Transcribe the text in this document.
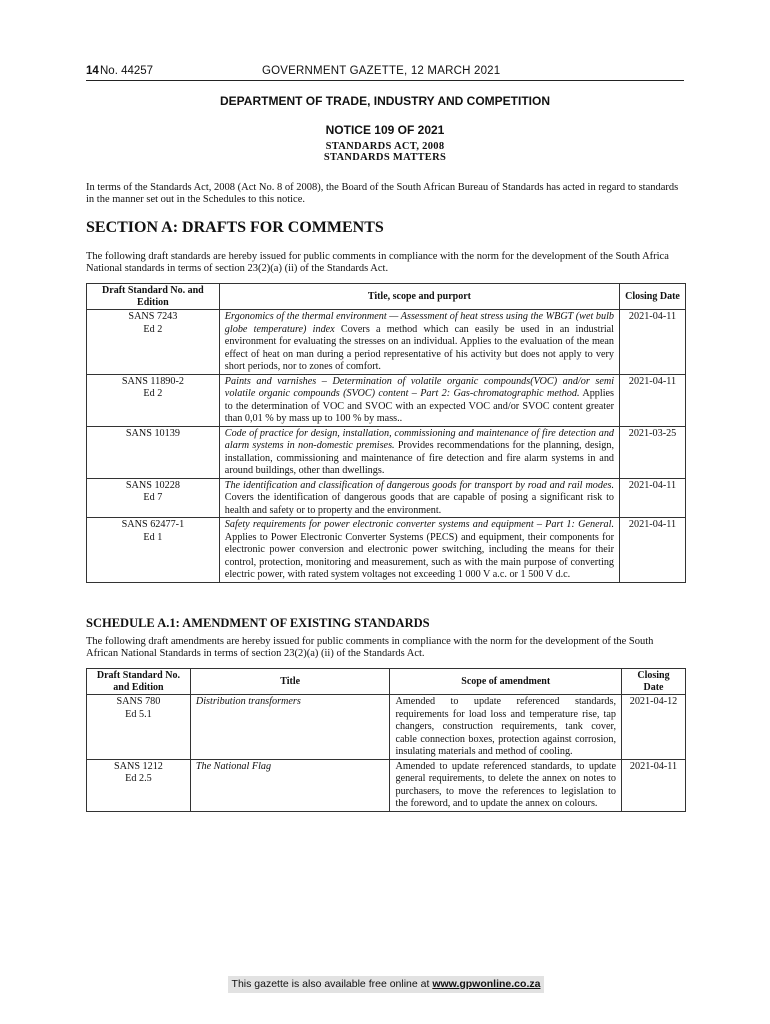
14 No. 44257	GOVERNMENT GAZETTE, 12 MARCH 2021
DEPARTMENT OF TRADE, INDUSTRY AND COMPETITION
NOTICE 109 OF 2021
STANDARDS ACT, 2008
STANDARDS MATTERS
In terms of the Standards Act, 2008 (Act No. 8 of 2008), the Board of the South African Bureau of Standards has acted in regard to standards in the manner set out in the Schedules to this notice.
SECTION A: DRAFTS FOR COMMENTS
The following draft standards are hereby issued for public comments in compliance with the norm for the development of the South Africa National standards in terms of section 23(2)(a) (ii) of the Standards Act.
Draft Standard No. and Edition	Title, scope and purport	Closing Date

SANS 7243
Ed 2	Ergonomics of the thermal environment — Assessment of heat stress using the WBGT (wet bulb globe temperature) index Covers a method which can easily be used in an industrial environment for evaluating the stresses on an individual. Applies to the evaluation of the mean effect of heat on man during a period representative of his activity but does not apply to very short periods, nor to zones of comfort.	2021-04-11

SANS 11890-2
Ed 2	Paints and varnishes – Determination of volatile organic compounds(VOC) and/or semi volatile organic compounds (SVOC) content – Part 2: Gas-chromatographic method. Applies to the determination of VOC and SVOC with an expected VOC and/or SVOC content greater than 0,01 % by mass up to 100 % by mass..	2021-04-11

SANS 10139	Code of practice for design, installation, commissioning and maintenance of fire detection and alarm systems in non-domestic premises. Provides recommendations for the planning, design, installation, commissioning and maintenance of fire detection and fire alarm systems in and around buildings, other than dwellings.	2021-03-25

SANS 10228
Ed 7	The identification and classification of dangerous goods for transport by road and rail modes. Covers the identification of dangerous goods that are capable of posing a significant risk to health and safety or to property and the environment.	2021-04-11

SANS 62477-1
Ed 1	Safety requirements for power electronic converter systems and equipment – Part 1: General. Applies to Power Electronic Converter Systems (PECS) and equipment, their components for electronic power conversion and electronic power switching, including the means for their control, protection, monitoring and measurement, such as with the main purpose of converting electric power, with rated system voltages not exceeding 1 000 V a.c. or 1 500 V d.c.	2021-04-11
SCHEDULE A.1: AMENDMENT OF EXISTING STANDARDS
The following draft amendments are hereby issued for public comments in compliance with the norm for the development of the South African National Standards in terms of section 23(2)(a) (ii) of the Standards Act.
Draft Standard No. and Edition	Title	Scope of amendment	Closing Date

SANS 780
Ed 5.1	Distribution transformers	Amended to update referenced standards, requirements for load loss and temperature rise, tap changers, construction requirements, tank cover, cable connection boxes, protection against corrosion, insulating materials and method of cooling.	2021-04-12

SANS 1212
Ed 2.5	The National Flag	Amended to update referenced standards, to update general requirements, to delete the annex on notes to purchasers, to move the references to legislation to the foreword, and to update the annex on colours.	2021-04-11
This gazette is also available free online at www.gpwonline.co.za
